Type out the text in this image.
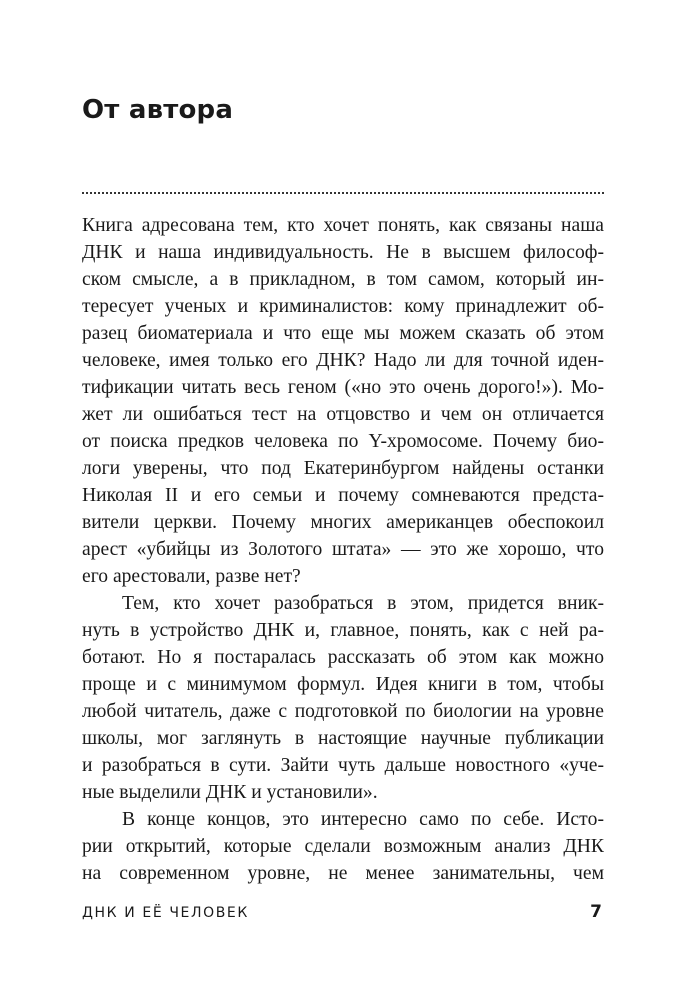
От автора

Книга адресована тем, кто хочет понять, как связаны наша
ДНК и наша индивидуальность. Не в высшем философ-
ском смысле, а в прикладном, в том самом, который ин-
тересует ученых и криминалистов: кому принадлежит об-
разец биоматериала и что еще мы можем сказать об этом
человеке, имея только его ДНК? Надо ли для точной иден-
тификации читать весь геном («но это очень дорого!»). Мо-
жет ли ошибаться тест на отцовство и чем он отличается
от поиска предков человека по Y-хромосоме. Почему био-
логи уверены, что под Екатеринбургом найдены останки
Николая II и его семьи и почему сомневаются предста-
вители церкви. Почему многих американцев обеспокоил
арест «убийцы из Золотого штата» — это же хорошо, что
его арестовали, разве нет?

Тем, кто хочет разобраться в этом, придется вник-
нуть в устройство ДНК и, главное, понять, как с ней ра-
ботают. Но я постаралась рассказать об этом как можно
проще и с минимумом формул. Идея книги в том, чтобы
любой читатель, даже с подготовкой по биологии на уровне
школы, мог заглянуть в настоящие научные публикации
и разобраться в сути. Зайти чуть дальше новостного «уче-
ные выделили ДНК и установили».

В конце концов, это интересно само по себе. Истo-
рии открытий, которые сделали возможным анализ ДНК
на современном уровне, не менее занимательны, чем

ДНК И ЕЁ ЧЕЛОВЕК	7
